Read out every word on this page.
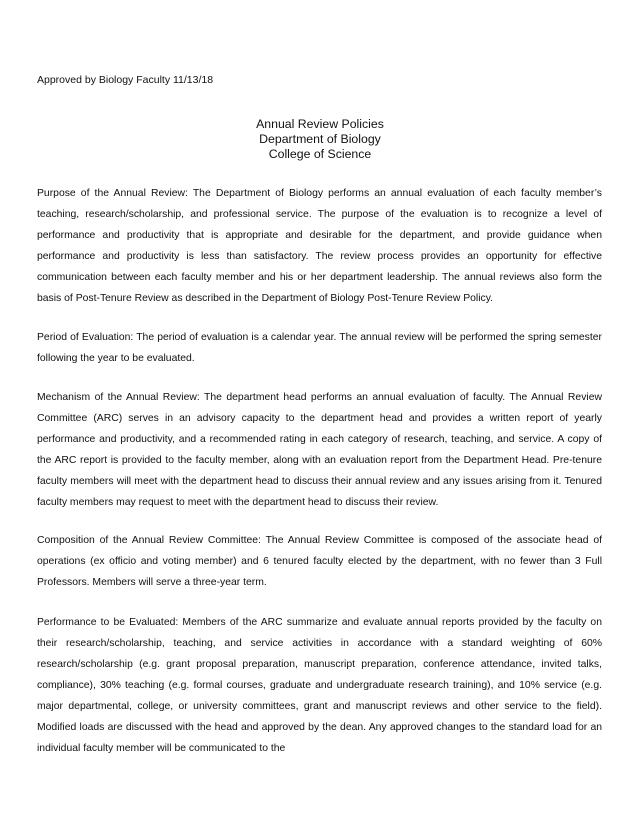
Approved by Biology Faculty 11/13/18
Annual Review Policies
Department of Biology
College of Science

Purpose of the Annual Review: The Department of Biology performs an annual evaluation of each faculty member’s teaching, research/scholarship, and professional service. The purpose of the evaluation is to recognize a level of performance and productivity that is appropriate and desirable for the department, and provide guidance when performance and productivity is less than satisfactory. The review process provides an opportunity for effective communication between each faculty member and his or her department leadership. The annual reviews also form the basis of Post-Tenure Review as described in the Department of Biology Post-Tenure Review Policy.

Period of Evaluation: The period of evaluation is a calendar year. The annual review will be performed the spring semester following the year to be evaluated.

Mechanism of the Annual Review: The department head performs an annual evaluation of faculty. The Annual Review Committee (ARC) serves in an advisory capacity to the department head and provides a written report of yearly performance and productivity, and a recommended rating in each category of research, teaching, and service. A copy of the ARC report is provided to the faculty member, along with an evaluation report from the Department Head. Pre-tenure faculty members will meet with the department head to discuss their annual review and any issues arising from it. Tenured faculty members may request to meet with the department head to discuss their review.

Composition of the Annual Review Committee: The Annual Review Committee is composed of the associate head of operations (ex officio and voting member) and 6 tenured faculty elected by the department, with no fewer than 3 Full Professors. Members will serve a three-year term.

Performance to be Evaluated: Members of the ARC summarize and evaluate annual reports provided by the faculty on their research/scholarship, teaching, and service activities in accordance with a standard weighting of 60% research/scholarship (e.g. grant proposal preparation, manuscript preparation, conference attendance, invited talks, compliance), 30% teaching (e.g. formal courses, graduate and undergraduate research training), and 10% service (e.g. major departmental, college, or university committees, grant and manuscript reviews and other service to the field). Modified loads are discussed with the head and approved by the dean. Any approved changes to the standard load for an individual faculty member will be communicated to the
